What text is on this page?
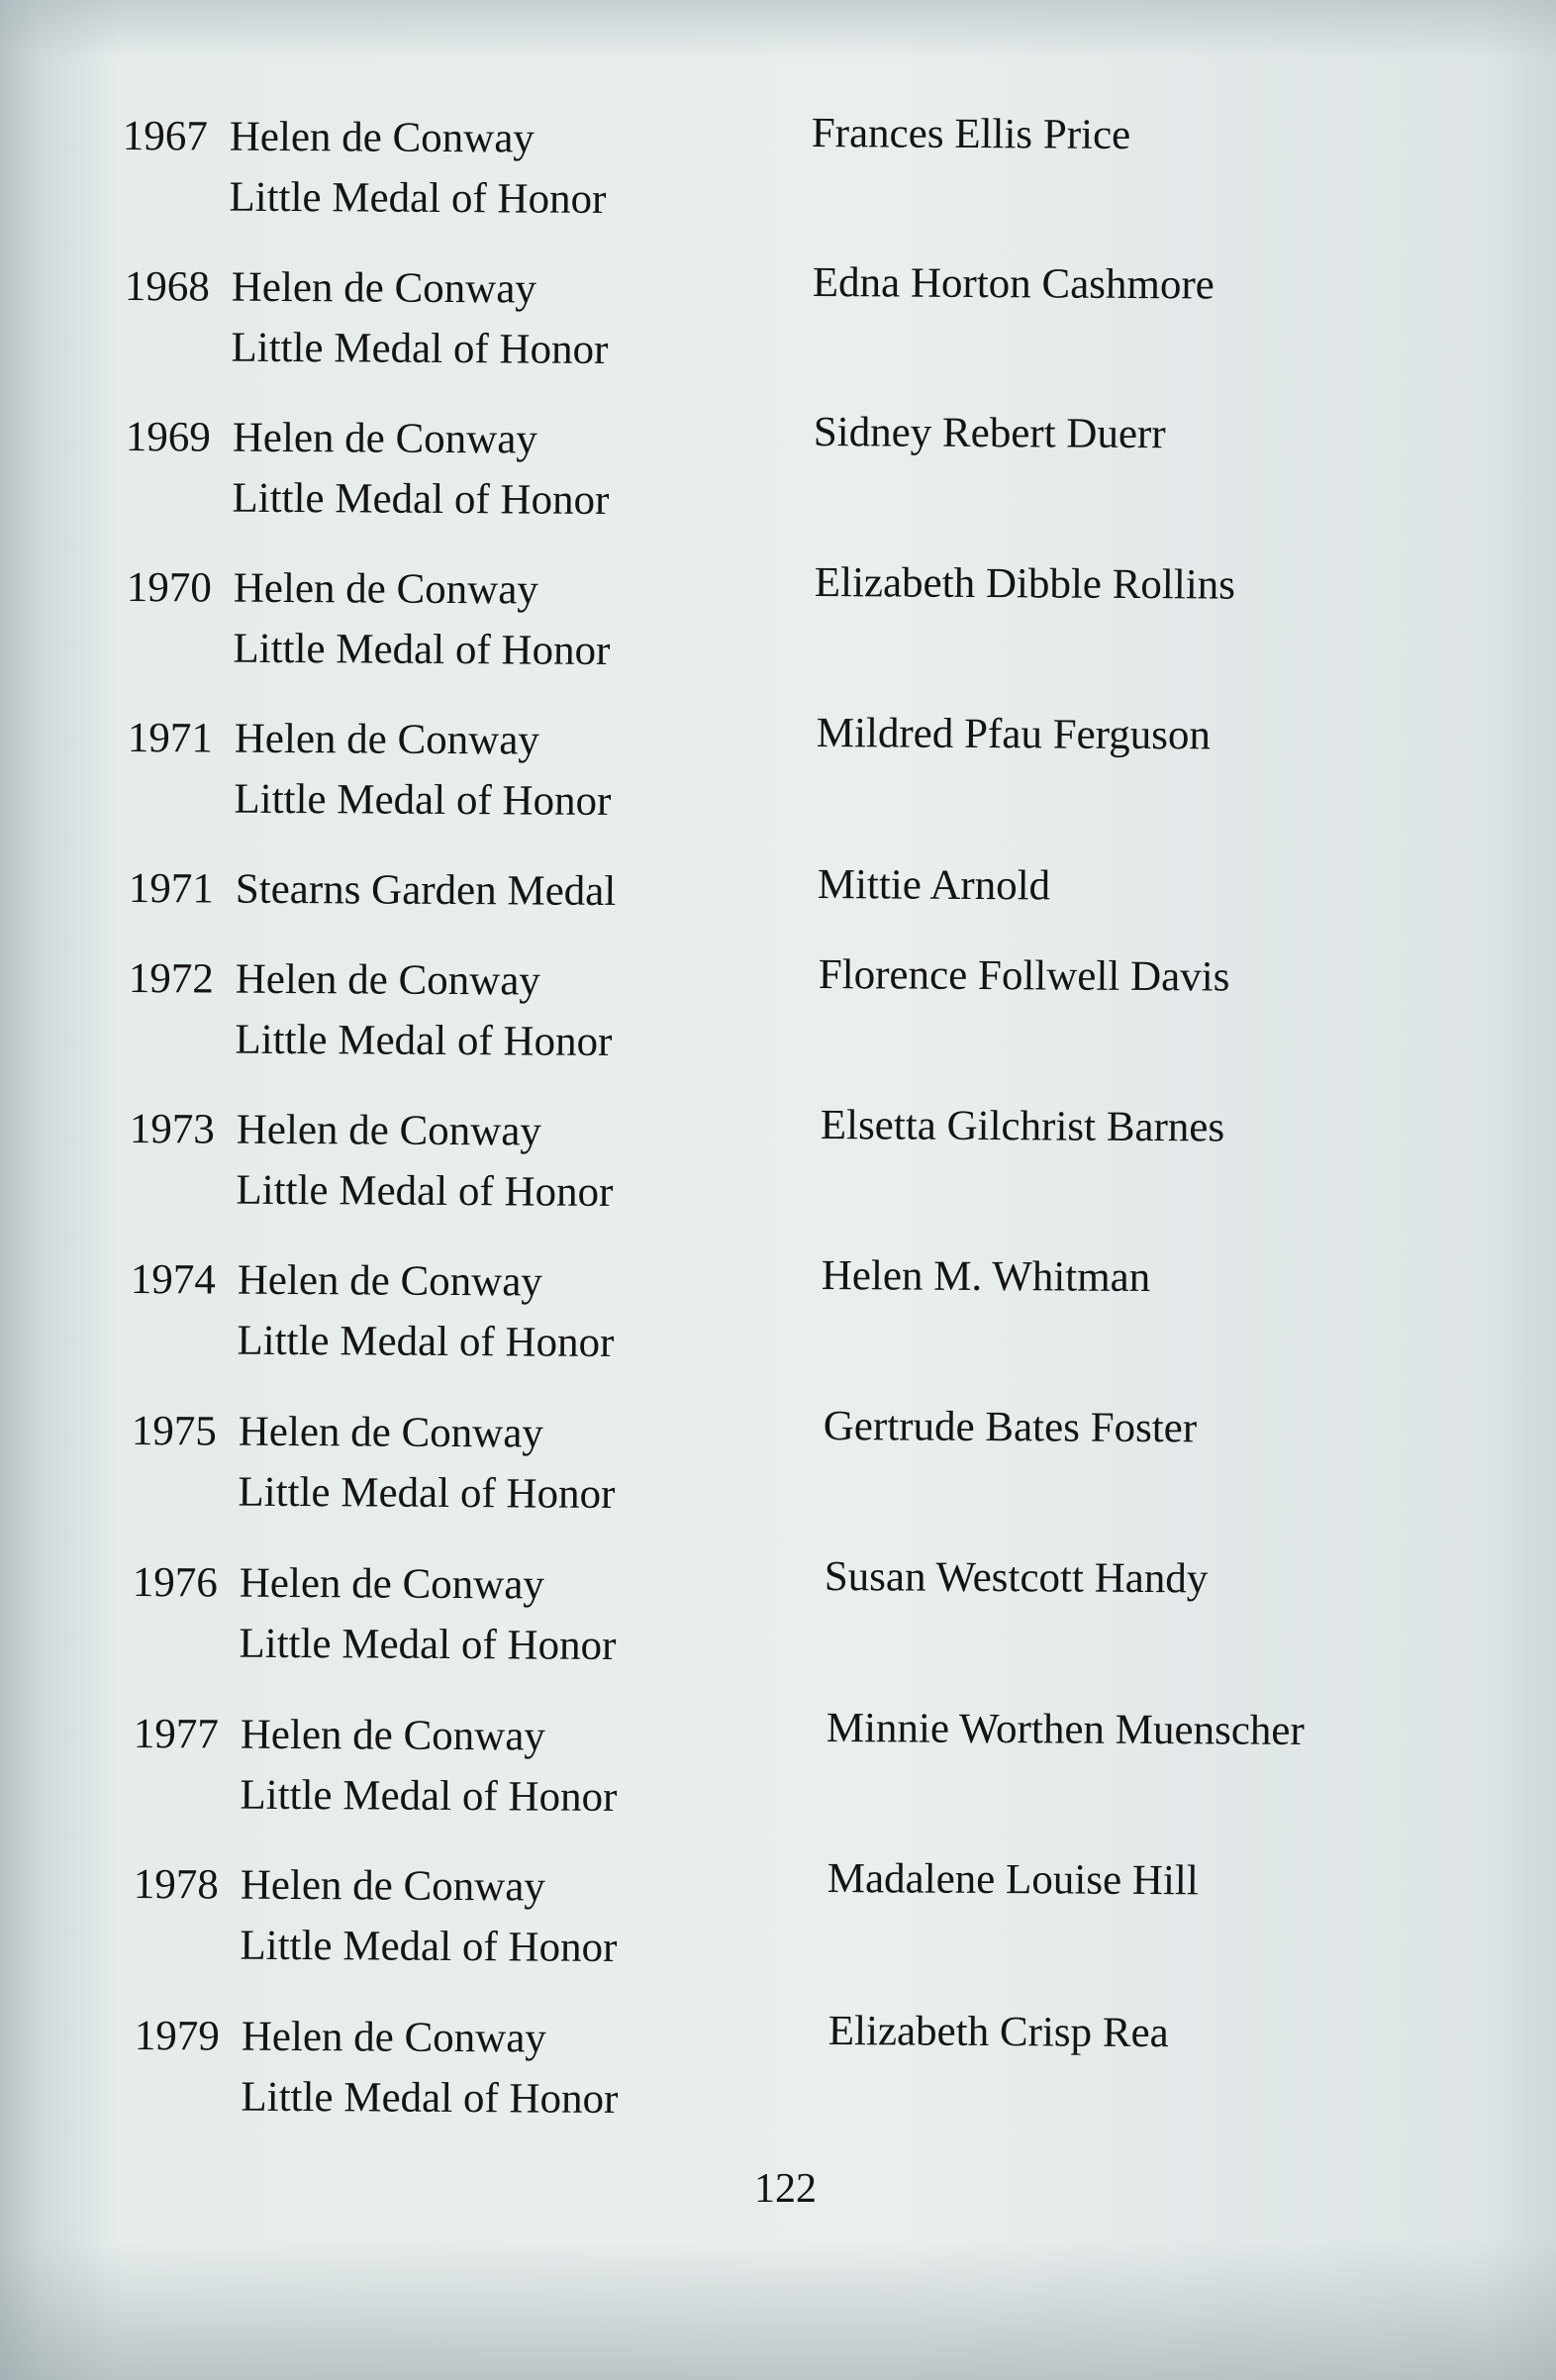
1967 Helen de Conway
Little Medal of Honor
Frances Ellis Price
1968 Helen de Conway
Little Medal of Honor
Edna Horton Cashmore
1969 Helen de Conway
Little Medal of Honor
Sidney Rebert Duerr
1970 Helen de Conway
Little Medal of Honor
Elizabeth Dibble Rollins
1971 Helen de Conway
Little Medal of Honor
Mildred Pfau Ferguson
1971 Stearns Garden Medal	Mittie Arnold
1972 Helen de Conway
Little Medal of Honor
Florence Follwell Davis
1973 Helen de Conway
Little Medal of Honor
Elsetta Gilchrist Barnes
1974 Helen de Conway
Little Medal of Honor
Helen M. Whitman
1975 Helen de Conway
Little Medal of Honor
Gertrude Bates Foster
1976 Helen de Conway
Little Medal of Honor
Susan Westcott Handy
1977 Helen de Conway
Little Medal of Honor
Minnie Worthen Muenscher
1978 Helen de Conway
Little Medal of Honor
Madalene Louise Hill
1979 Helen de Conway
Little Medal of Honor
Elizabeth Crisp Rea
122
